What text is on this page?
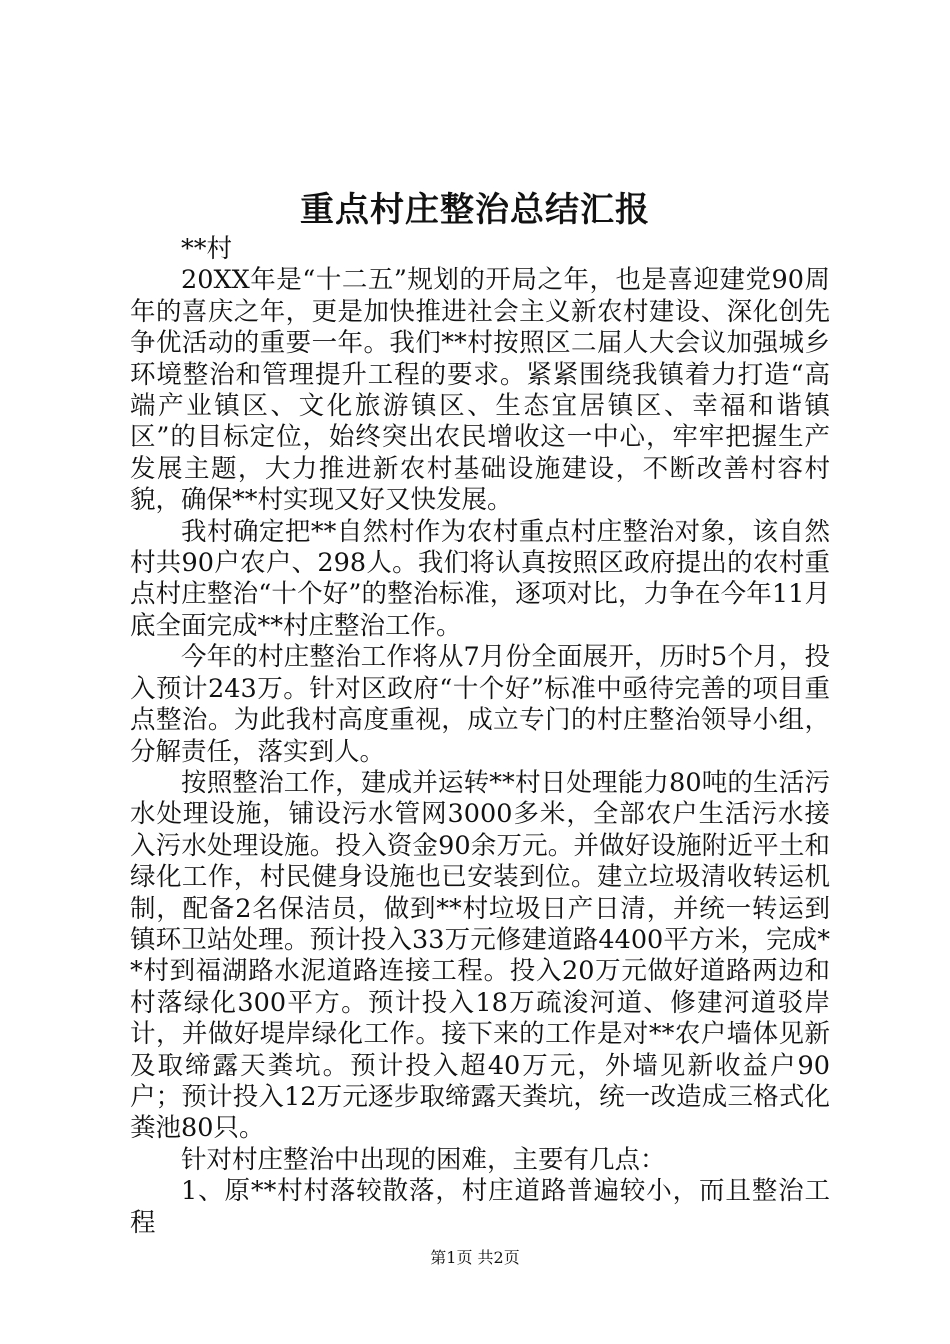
重点村庄整治总结汇报

**村

20XX年是“十二五”规划的开局之年，也是喜迎建党90周年的喜庆之年，更是加快推进社会主义新农村建设、深化创先争优活动的重要一年。我们**村按照区二届人大会议加强城乡环境整治和管理提升工程的要求。紧紧围绕我镇着力打造“高端产业镇区、文化旅游镇区、生态宜居镇区、幸福和谐镇区”的目标定位，始终突出农民增收这一中心，牢牢把握生产发展主题，大力推进新农村基础设施建设，不断改善村容村貌，确保**村实现又好又快发展。

我村确定把**自然村作为农村重点村庄整治对象，该自然村共90户农户、298人。我们将认真按照区政府提出的农村重点村庄整治“十个好”的整治标准，逐项对比，力争在今年11月底全面完成**村庄整治工作。

今年的村庄整治工作将从7月份全面展开，历时5个月，投入预计243万。针对区政府“十个好”标准中亟待完善的项目重点整治。为此我村高度重视，成立专门的村庄整治领导小组，分解责任，落实到人。

按照整治工作，建成并运转**村日处理能力80吨的生活污水处理设施，铺设污水管网3000多米，全部农户生活污水接入污水处理设施。投入资金90余万元。并做好设施附近平土和绿化工作，村民健身设施也已安装到位。建立垃圾清收转运机制，配备2名保洁员，做到**村垃圾日产日清，并统一转运到镇环卫站处理。预计投入33万元修建道路4400平方米，完成**村到福湖路水泥道路连接工程。投入20万元做好道路两边和村落绿化300平方。预计投入18万疏浚河道、修建河道驳岸计，并做好堤岸绿化工作。接下来的工作是对**农户墙体见新及取缔露天粪坑。预计投入超40万元，外墙见新收益户90户；预计投入12万元逐步取缔露天粪坑，统一改造成三格式化粪池80只。

针对村庄整治中出现的困难，主要有几点：

1、原**村村落较散落，村庄道路普遍较小，而且整治工程

第1页 共2页
